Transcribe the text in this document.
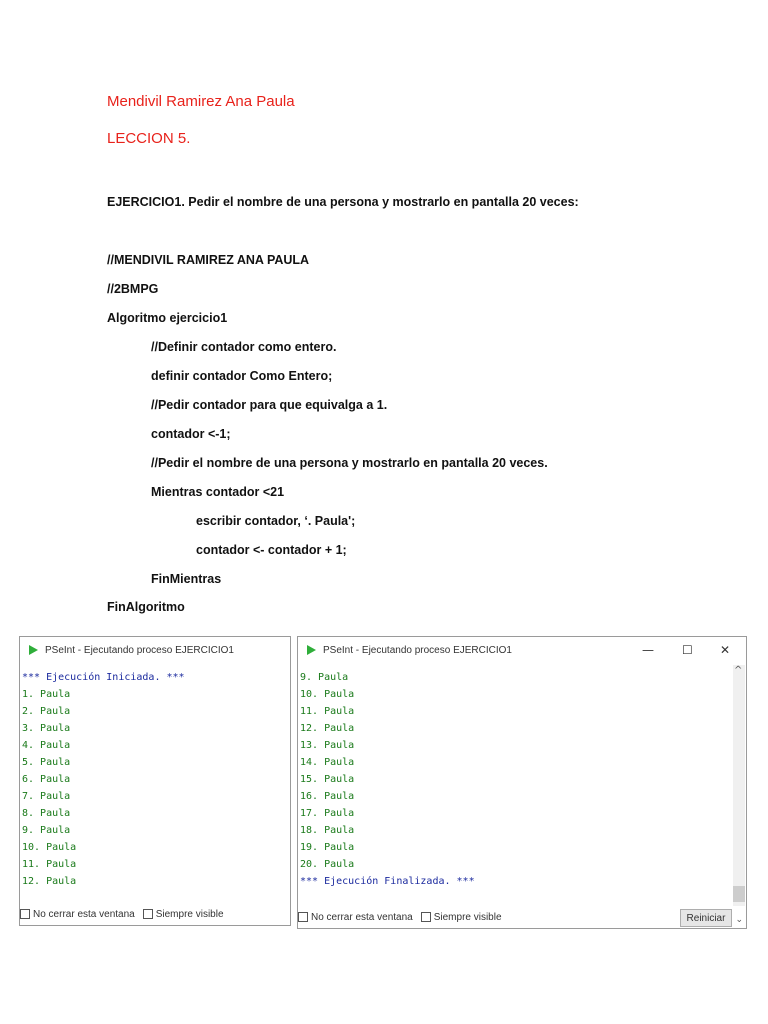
Mendivil Ramirez Ana Paula

LECCION 5.

EJERCICIO1. Pedir el nombre de una persona y mostrarlo en pantalla 20 veces:

//MENDIVIL RAMIREZ ANA PAULA

//2BMPG

Algoritmo ejercicio1

//Definir contador como entero.

definir contador Como Entero;

//Pedir contador para que equivalga a 1.

contador <-1;

//Pedir el nombre de una persona y mostrarlo en pantalla 20 veces.

Mientras contador <21

escribir contador, ‘. Paula';

contador <- contador + 1;

FinMientras

FinAlgoritmo

PSeInt - Ejecutando proceso EJERCICIO1
*** Ejecución Iniciada. ***
1. Paula
2. Paula
3. Paula
4. Paula
5. Paula
6. Paula
7. Paula
8. Paula
9. Paula
10. Paula
11. Paula
12. Paula
No cerrar esta ventana Siempre visible
PSeInt - Ejecutando proceso EJERCICIO1	— ☐ ✕
9. Paula
10. Paula
11. Paula
12. Paula
13. Paula
14. Paula
15. Paula
16. Paula
17. Paula
18. Paula
19. Paula
20. Paula
*** Ejecución Finalizada. ***
^
No cerrar esta ventana Siempre visible	Reiniciar	⌄
